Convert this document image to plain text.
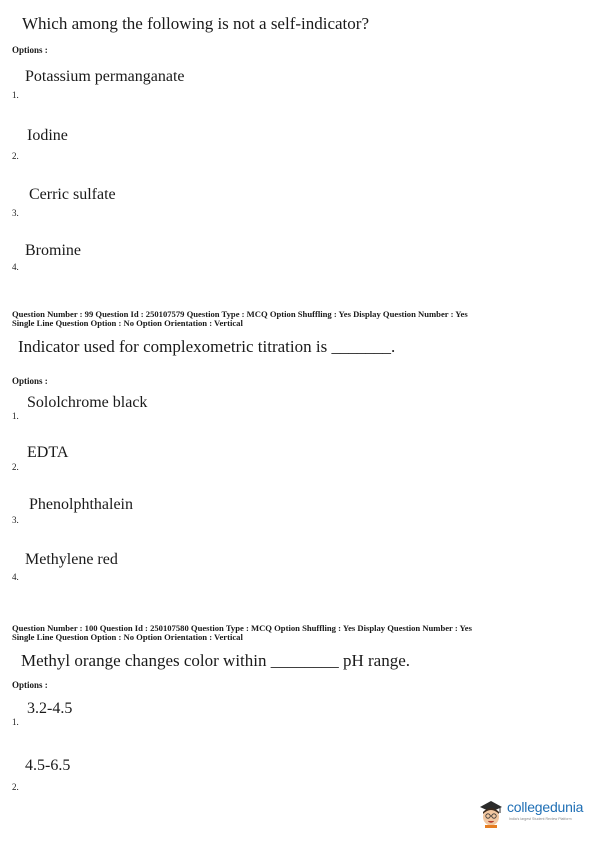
Which among the following is not a self-indicator?
Options :
Potassium permanganate
1.
Iodine
2.
Cerric sulfate
3.
Bromine
4.
Question Number : 99 Question Id : 250107579 Question Type : MCQ Option Shuffling : Yes Display Question Number : Yes
Single Line Question Option : No Option Orientation : Vertical
Indicator used for complexometric titration is _______.
Options :
Sololchrome black
1.
EDTA
2.
Phenolphthalein
3.
Methylene red
4.
Question Number : 100 Question Id : 250107580 Question Type : MCQ Option Shuffling : Yes Display Question Number : Yes
Single Line Question Option : No Option Orientation : Vertical
Methyl orange changes color within ________ pH range.
Options :
3.2-4.5
1.
4.5-6.5
2.
collegedunia
India's largest Student Review Platform
